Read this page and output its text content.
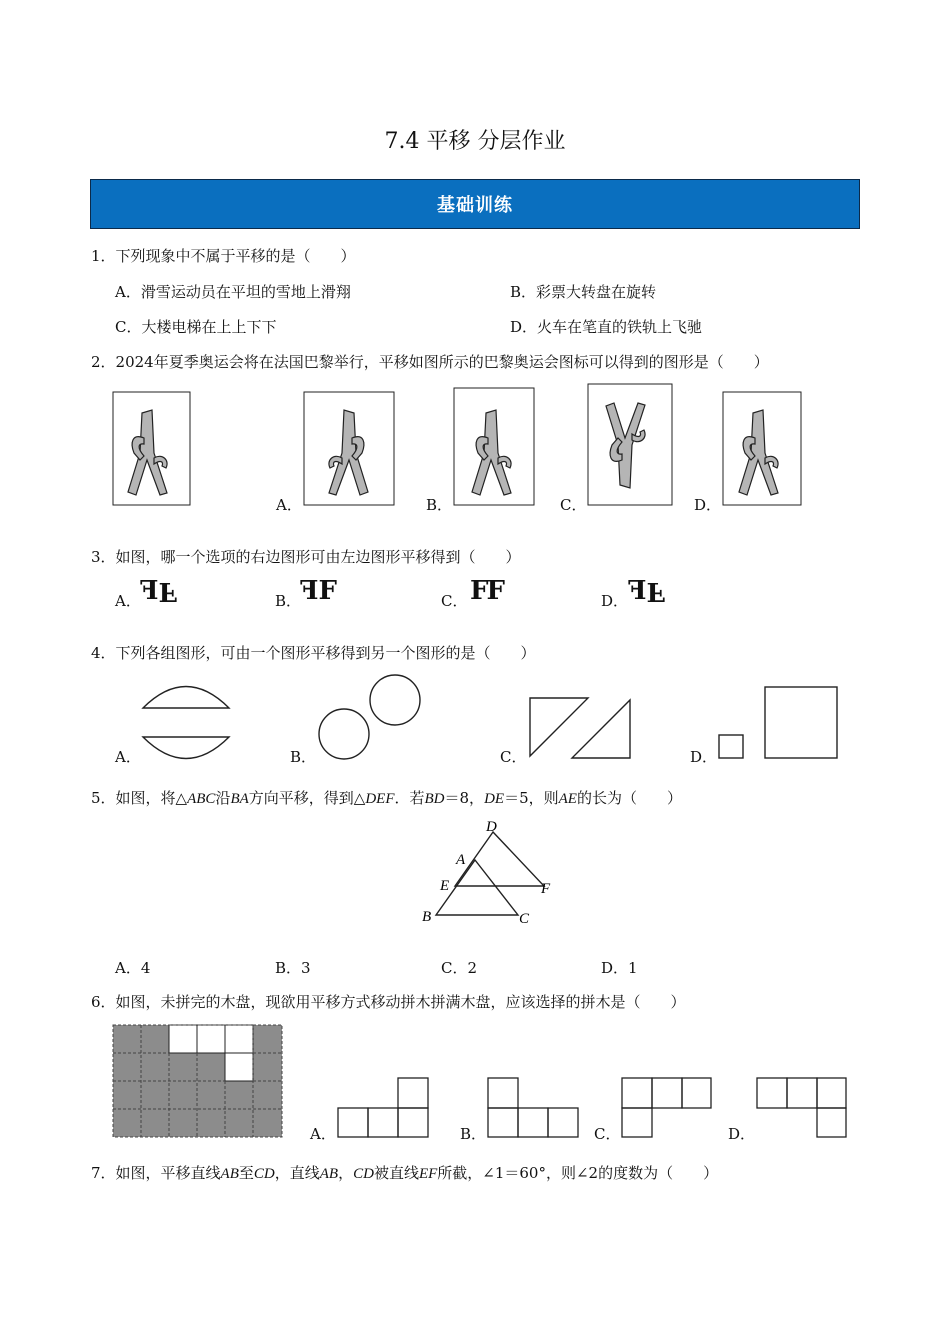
7.4 平移 分层作业
基础训练
1．下列现象中不属于平移的是（　　）
A．滑雪运动员在平坦的雪地上滑翔	B．彩票大转盘在旋转
C．大楼电梯在上上下下	D．火车在笔直的铁轨上飞驰
2．2024年夏季奥运会将在法国巴黎举行，平移如图所示的巴黎奥运会图标可以得到的图形是（　　）
A．	B．	C．	D．
3．如图，哪一个选项的右边图形可由左边图形平移得到（　　）
A． FF	B． FF	C． FF	D． FF
4．下列各组图形，可由一个图形平移得到另一个图形的是（　　）
A．	B．	C．	D．
5．如图，将△ABC沿BA方向平移，得到△DEF．若BD＝8，DE＝5，则AE的长为（　　）
D
A
E	F
B	C
A．4	B．3	C．2	D．1
6．如图，未拼完的木盘，现欲用平移方式移动拼木拼满木盘，应该选择的拼木是（　　）
A．	B．	C．	D．
7．如图，平移直线AB至CD，直线AB，CD被直线EF所截，∠1＝60°，则∠2的度数为（　　）
